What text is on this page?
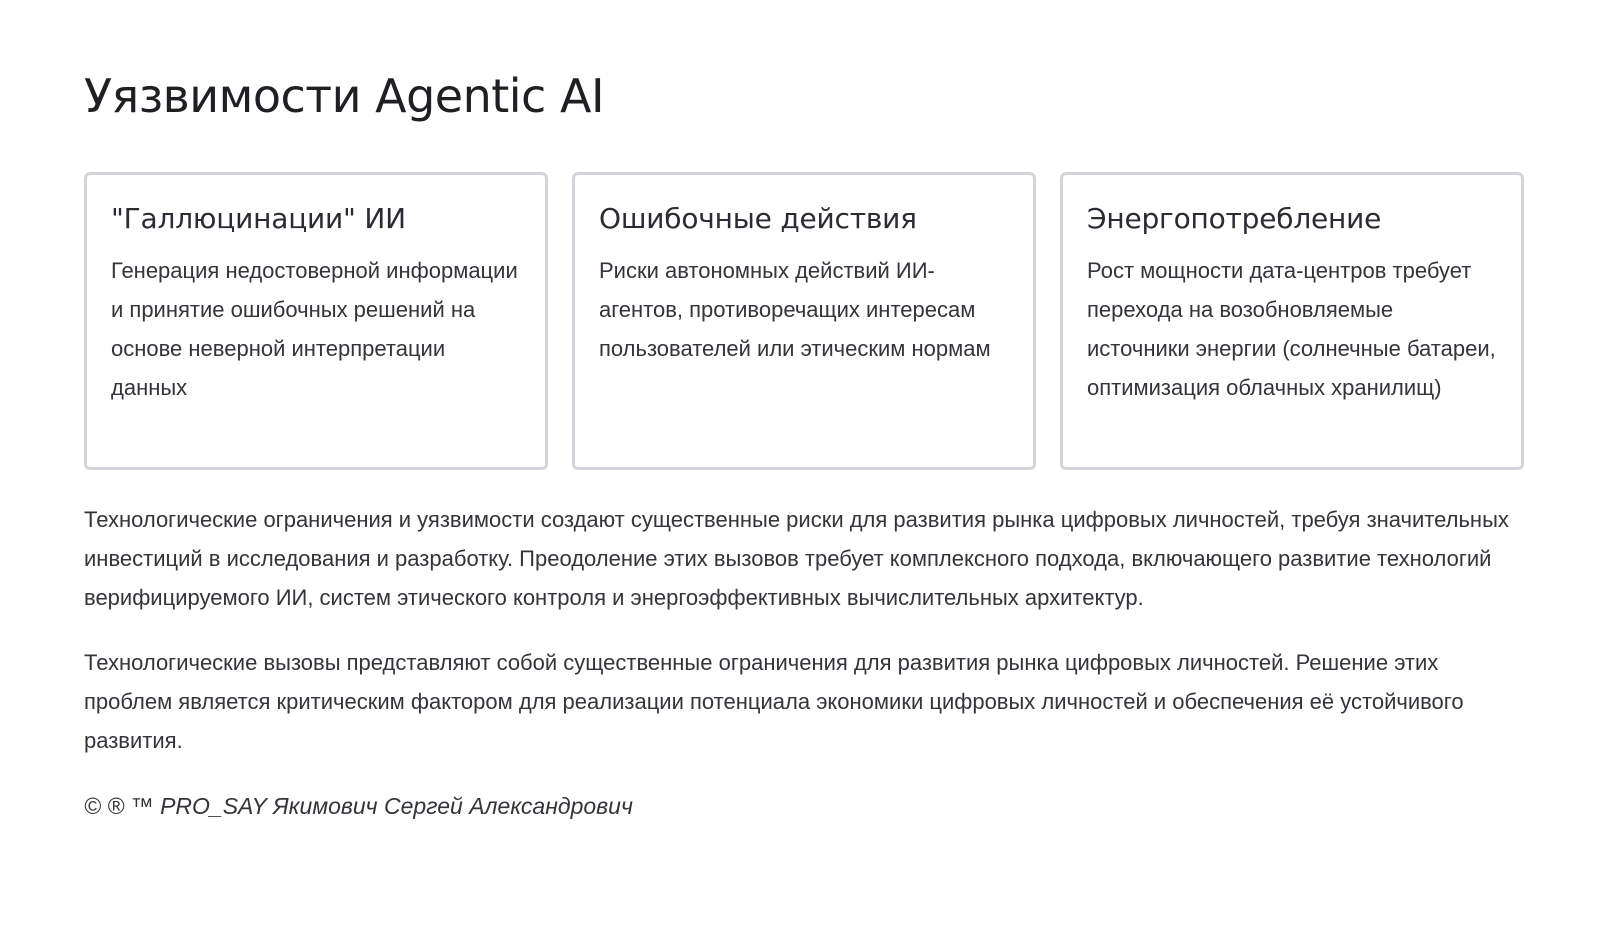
Уязвимости Agentic AI
"Галлюцинации" ИИ

Генерация недостоверной информации и принятие ошибочных решений на основе неверной интерпретации данных

Ошибочные действия

Риски автономных действий ИИ-агентов, противоречащих интересам пользователей или этическим нормам

Энергопотребление

Рост мощности дата-центров требует перехода на возобновляемые источники энергии (солнечные батареи, оптимизация облачных хранилищ)

Технологические ограничения и уязвимости создают существенные риски для развития рынка цифровых личностей, требуя значительных инвестиций в исследования и разработку. Преодоление этих вызовов требует комплексного подхода, включающего развитие технологий верифицируемого ИИ, систем этического контроля и энергоэффективных вычислительных архитектур.

Технологические вызовы представляют собой существенные ограничения для развития рынка цифровых личностей. Решение этих проблем является критическим фактором для реализации потенциала экономики цифровых личностей и обеспечения её устойчивого развития.

© ® ™ PRO_SAY Якимович Сергей Александрович
